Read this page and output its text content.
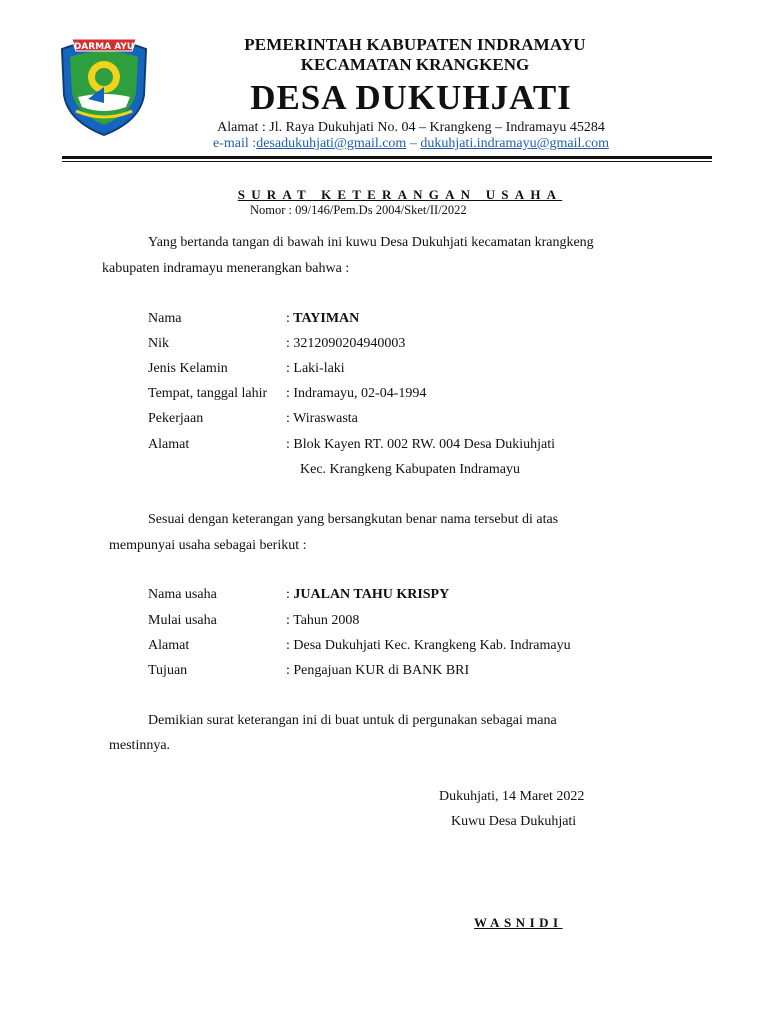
DARMA AYU	PEMERINTAH KABUPATEN INDRAMAYU
KECAMATAN KRANGKENG
DESA DUKUHJATI
Alamat : Jl. Raya Dukuhjati No. 04 – Krangkeng – Indramayu 45284
e-mail :desadukuhjati@gmail.com – dukuhjati.indramayu@gmail.com
SURAT KETERANGAN USAHA
Nomor : 09/146/Pem.Ds 2004/Sket/II/2022
Yang bertanda tangan di bawah ini kuwu Desa Dukuhjati kecamatan krangkeng
kabupaten indramayu menerangkan bahwa :
Nama	: TAYIMAN
Nik	: 3212090204940003
Jenis Kelamin	: Laki-laki
Tempat, tanggal lahir : Indramayu, 02-04-1994
Pekerjaan	: Wiraswasta
Alamat	: Blok Kayen RT. 002 RW. 004 Desa Dukiuhjati
Kec. Krangkeng Kabupaten Indramayu
Sesuai dengan keterangan yang bersangkutan benar nama tersebut di atas
mempunyai usaha sebagai berikut :
Nama usaha	: JUALAN TAHU KRISPY
Mulai usaha	: Tahun 2008
Alamat	: Desa Dukuhjati Kec. Krangkeng Kab. Indramayu
Tujuan	: Pengajuan KUR di BANK BRI
Demikian surat keterangan ini di buat untuk di pergunakan sebagai mana
mestinnya.
Dukuhjati, 14 Maret 2022
Kuwu Desa Dukuhjati
WASNIDI
